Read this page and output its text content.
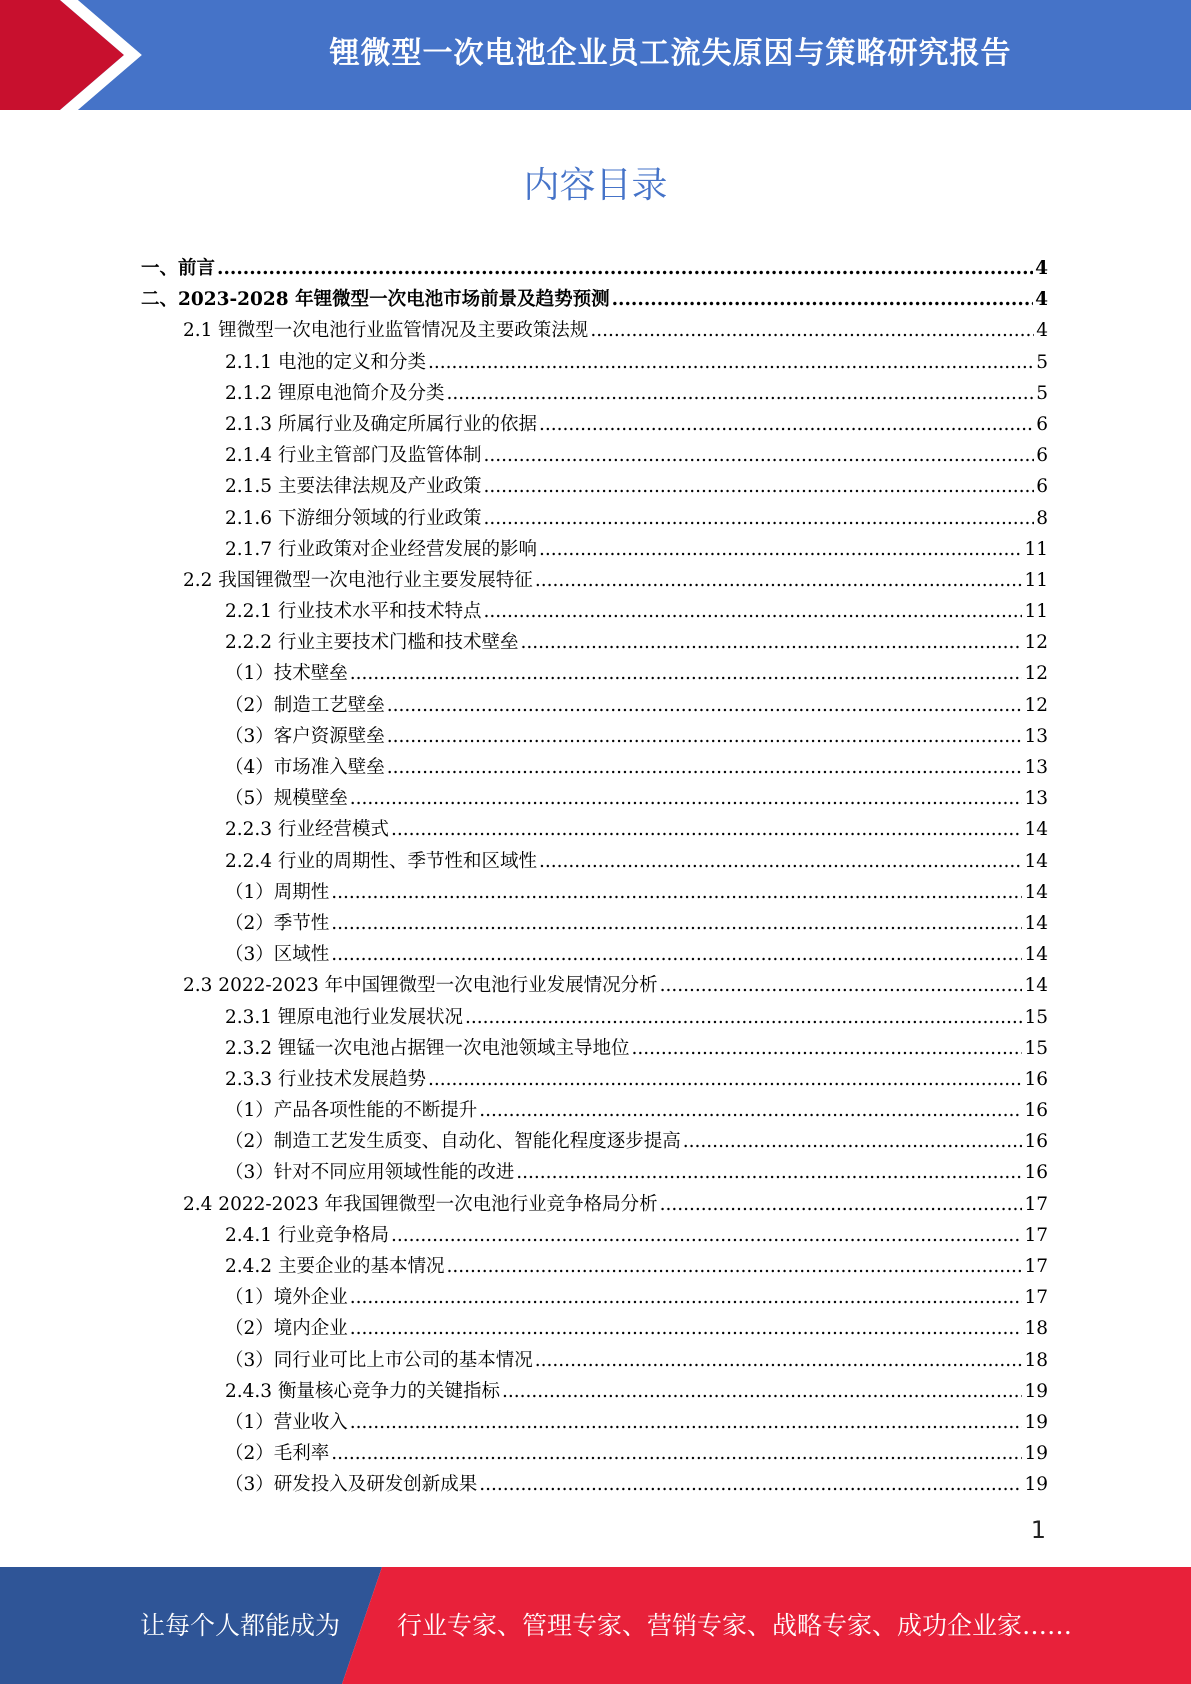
锂微型一次电池企业员工流失原因与策略研究报告
内容目录
一、前言 .....	4
二、2023-2028 年锂微型一次电池市场前景及趋势预测 .....	4
2.1 锂微型一次电池行业监管情况及主要政策法规 .....	4
2.1.1 电池的定义和分类 .....	5
2.1.2 锂原电池简介及分类 .....	5
2.1.3 所属行业及确定所属行业的依据 .....	6
2.1.4 行业主管部门及监管体制 .....	6
2.1.5 主要法律法规及产业政策 .....	6
2.1.6 下游细分领域的行业政策 .....	8
2.1.7 行业政策对企业经营发展的影响 .....	11
2.2 我国锂微型一次电池行业主要发展特征 .....	11
2.2.1 行业技术水平和技术特点 .....	11
2.2.2 行业主要技术门槛和技术壁垒 .....	12
（1）技术壁垒 .....	12
（2）制造工艺壁垒 .....	12
（3）客户资源壁垒 .....	13
（4）市场准入壁垒 .....	13
（5）规模壁垒 .....	13
2.2.3 行业经营模式 .....	14
2.2.4 行业的周期性、季节性和区域性 .....	14
（1）周期性 .....	14
（2）季节性 .....	14
（3）区域性 .....	14
2.3 2022-2023 年中国锂微型一次电池行业发展情况分析 .....	14
2.3.1 锂原电池行业发展状况 .....	15
2.3.2 锂锰一次电池占据锂一次电池领域主导地位 .....	15
2.3.3 行业技术发展趋势 .....	16
（1）产品各项性能的不断提升 .....	16
（2）制造工艺发生质变、自动化、智能化程度逐步提高 .....	16
（3）针对不同应用领域性能的改进 .....	16
2.4 2022-2023 年我国锂微型一次电池行业竞争格局分析 .....	17
2.4.1 行业竞争格局 .....	17
2.4.2 主要企业的基本情况 .....	17
（1）境外企业 .....	17
（2）境内企业 .....	18
（3）同行业可比上市公司的基本情况 .....	18
2.4.3 衡量核心竞争力的关键指标 .....	19
（1）营业收入 .....	19
（2）毛利率 .....	19
（3）研发投入及研发创新成果 .....	19
1
让每个人都能成为 行业专家、管理专家、营销专家、战略专家、成功企业家……
